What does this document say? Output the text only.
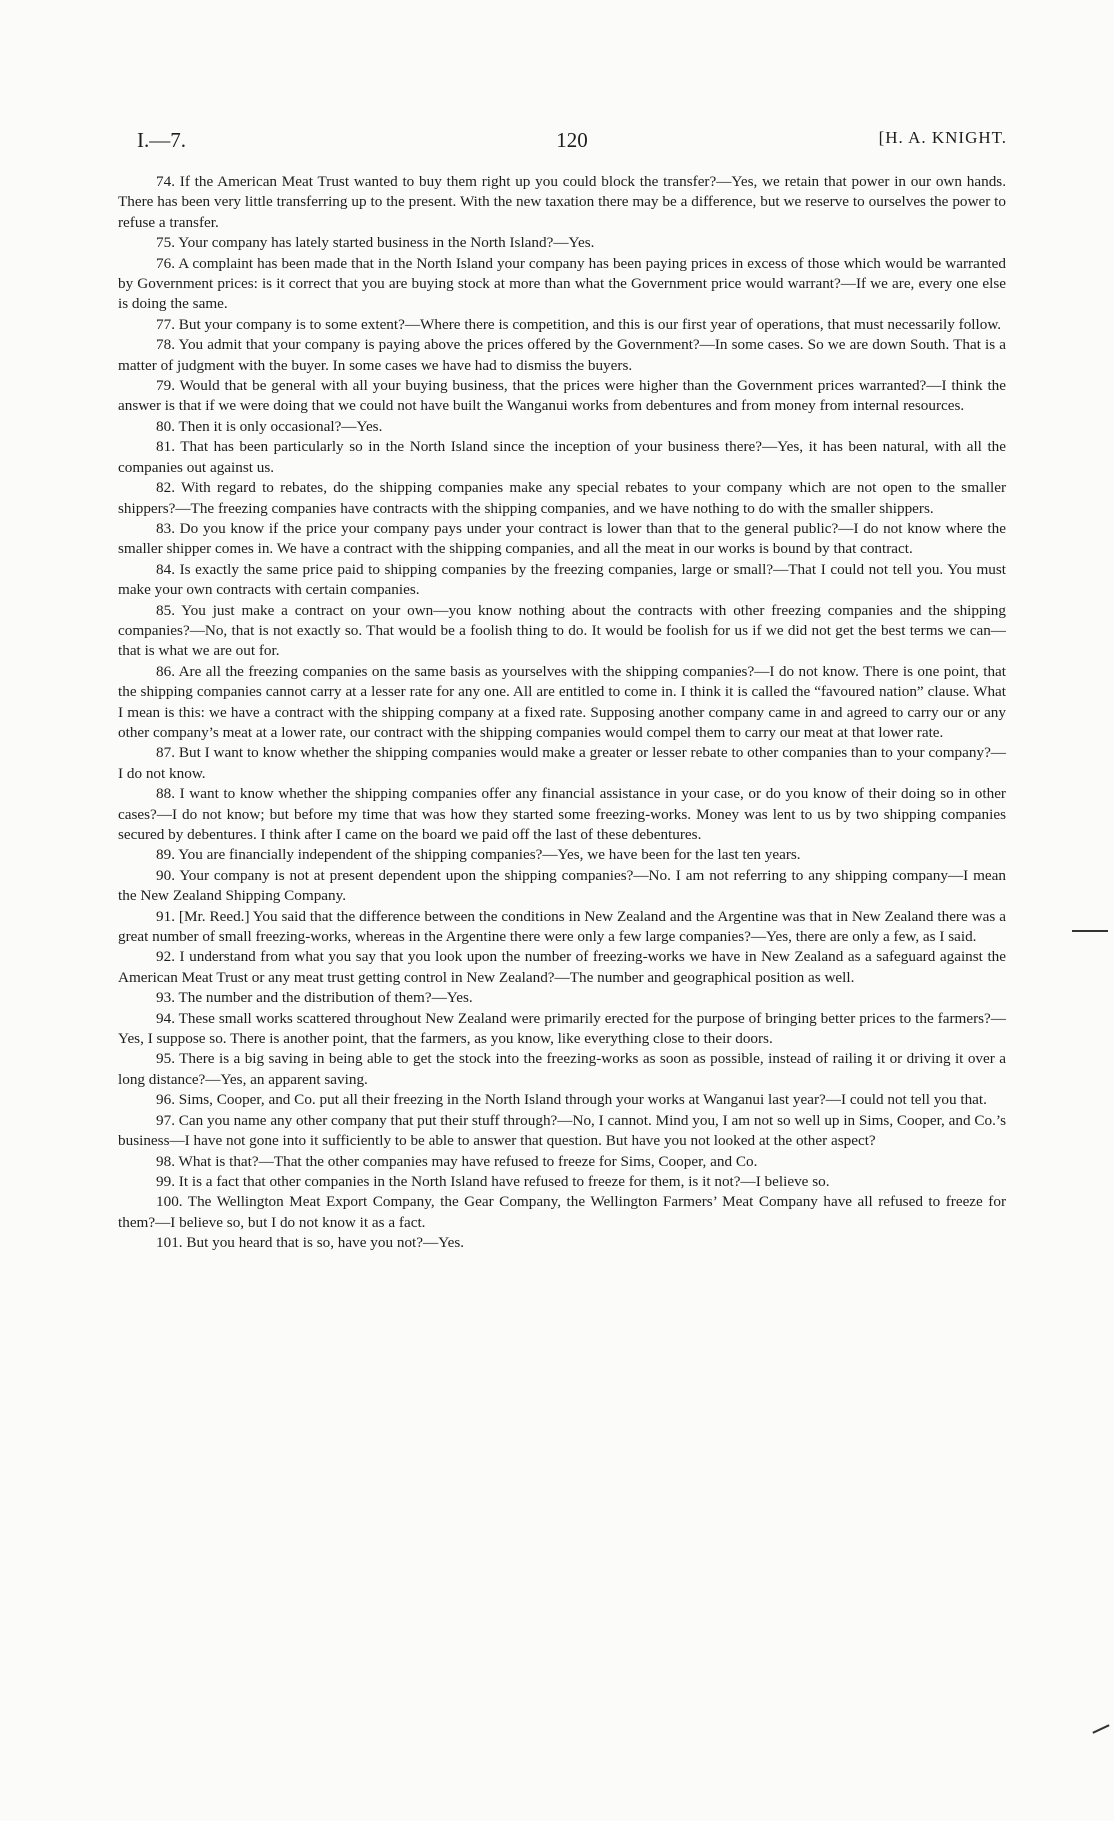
I.—7.	120	[H. A. KNIGHT.

74. If the American Meat Trust wanted to buy them right up you could block the transfer?—Yes, we retain that power in our own hands. There has been very little transferring up to the present. With the new taxation there may be a difference, but we reserve to ourselves the power to refuse a transfer.

75. Your company has lately started business in the North Island?—Yes.

76. A complaint has been made that in the North Island your company has been paying prices in excess of those which would be warranted by Government prices: is it correct that you are buying stock at more than what the Government price would warrant?—If we are, every one else is doing the same.

77. But your company is to some extent?—Where there is competition, and this is our first year of operations, that must necessarily follow.

78. You admit that your company is paying above the prices offered by the Government?—In some cases. So we are down South. That is a matter of judgment with the buyer. In some cases we have had to dismiss the buyers.

79. Would that be general with all your buying business, that the prices were higher than the Government prices warranted?—I think the answer is that if we were doing that we could not have built the Wanganui works from debentures and from money from internal resources.

80. Then it is only occasional?—Yes.

81. That has been particularly so in the North Island since the inception of your business there?—Yes, it has been natural, with all the companies out against us.

82. With regard to rebates, do the shipping companies make any special rebates to your company which are not open to the smaller shippers?—The freezing companies have contracts with the shipping companies, and we have nothing to do with the smaller shippers.

83. Do you know if the price your company pays under your contract is lower than that to the general public?—I do not know where the smaller shipper comes in. We have a contract with the shipping companies, and all the meat in our works is bound by that contract.

84. Is exactly the same price paid to shipping companies by the freezing companies, large or small?—That I could not tell you. You must make your own contracts with certain companies.

85. You just make a contract on your own—you know nothing about the contracts with other freezing companies and the shipping companies?—No, that is not exactly so. That would be a foolish thing to do. It would be foolish for us if we did not get the best terms we can—that is what we are out for.

86. Are all the freezing companies on the same basis as yourselves with the shipping companies?—I do not know. There is one point, that the shipping companies cannot carry at a lesser rate for any one. All are entitled to come in. I think it is called the “favoured nation” clause. What I mean is this: we have a contract with the shipping company at a fixed rate. Supposing another company came in and agreed to carry our or any other company’s meat at a lower rate, our contract with the shipping companies would compel them to carry our meat at that lower rate.

87. But I want to know whether the shipping companies would make a greater or lesser rebate to other companies than to your company?—I do not know.

88. I want to know whether the shipping companies offer any financial assistance in your case, or do you know of their doing so in other cases?—I do not know; but before my time that was how they started some freezing-works. Money was lent to us by two shipping companies secured by debentures. I think after I came on the board we paid off the last of these debentures.

89. You are financially independent of the shipping companies?—Yes, we have been for the last ten years.

90. Your company is not at present dependent upon the shipping companies?—No. I am not referring to any shipping company—I mean the New Zealand Shipping Company.

91. [Mr. Reed.] You said that the difference between the conditions in New Zealand and the Argentine was that in New Zealand there was a great number of small freezing-works, whereas in the Argentine there were only a few large companies?—Yes, there are only a few, as I said.

92. I understand from what you say that you look upon the number of freezing-works we have in New Zealand as a safeguard against the American Meat Trust or any meat trust getting control in New Zealand?—The number and geographical position as well.

93. The number and the distribution of them?—Yes.

94. These small works scattered throughout New Zealand were primarily erected for the purpose of bringing better prices to the farmers?—Yes, I suppose so. There is another point, that the farmers, as you know, like everything close to their doors.

95. There is a big saving in being able to get the stock into the freezing-works as soon as possible, instead of railing it or driving it over a long distance?—Yes, an apparent saving.

96. Sims, Cooper, and Co. put all their freezing in the North Island through your works at Wanganui last year?—I could not tell you that.

97. Can you name any other company that put their stuff through?—No, I cannot. Mind you, I am not so well up in Sims, Cooper, and Co.’s business—I have not gone into it sufficiently to be able to answer that question. But have you not looked at the other aspect?

98. What is that?—That the other companies may have refused to freeze for Sims, Cooper, and Co.

99. It is a fact that other companies in the North Island have refused to freeze for them, is it not?—I believe so.

100. The Wellington Meat Export Company, the Gear Company, the Wellington Farmers’ Meat Company have all refused to freeze for them?—I believe so, but I do not know it as a fact.

101. But you heard that is so, have you not?—Yes.
